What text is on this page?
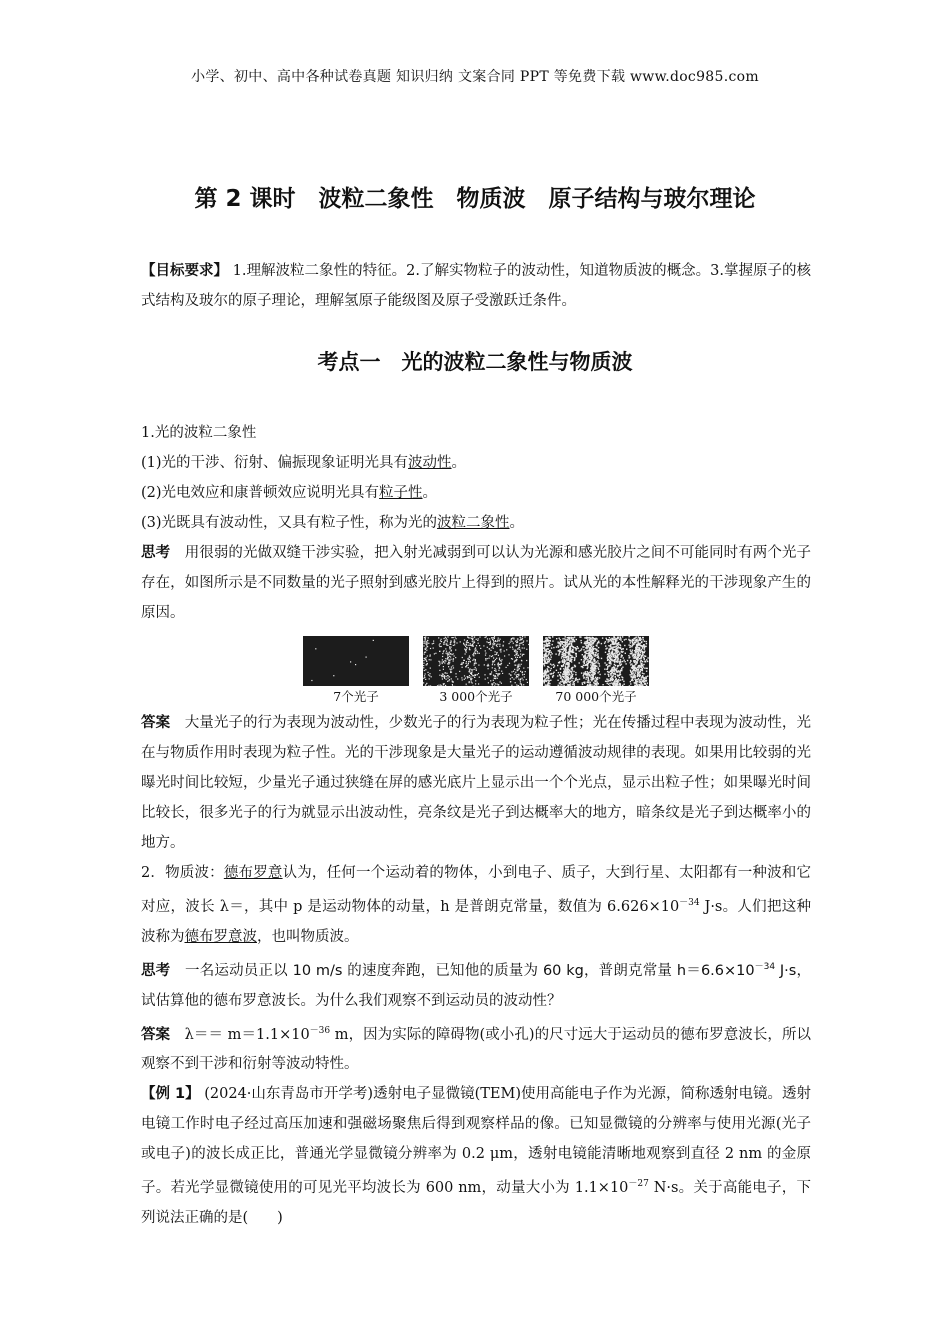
小学、初中、高中各种试卷真题 知识归纳 文案合同 PPT 等免费下载 www.doc985.com
第 2 课时　波粒二象性　物质波　原子结构与玻尔理论

【目标要求】 1.理解波粒二象性的特征。2.了解实物粒子的波动性，知道物质波的概念。3.掌握原子的核式结构及玻尔的原子理论，理解氢原子能级图及原子受激跃迁条件。

考点一　光的波粒二象性与物质波

1.光的波粒二象性

(1)光的干涉、衍射、偏振现象证明光具有波动性。

(2)光电效应和康普顿效应说明光具有粒子性。

(3)光既具有波动性，又具有粒子性，称为光的波粒二象性。

思考　用很弱的光做双缝干涉实验，把入射光减弱到可以认为光源和感光胶片之间不可能同时有两个光子存在，如图所示是不同数量的光子照射到感光胶片上得到的照片。试从光的本性解释光的干涉现象产生的原因。

7个光子	3 000个光子	70 000个光子

答案　大量光子的行为表现为波动性，少数光子的行为表现为粒子性；光在传播过程中表现为波动性，光在与物质作用时表现为粒子性。光的干涉现象是大量光子的运动遵循波动规律的表现。如果用比较弱的光曝光时间比较短，少量光子通过狭缝在屏的感光底片上显示出一个个光点，显示出粒子性；如果曝光时间比较长，很多光子的行为就显示出波动性，亮条纹是光子到达概率大的地方，暗条纹是光子到达概率小的地方。

2．物质波：德布罗意认为，任何一个运动着的物体，小到电子、质子，大到行星、太阳都有一种波和它对应，波长 λ＝，其中 p 是运动物体的动量，h 是普朗克常量，数值为 $6.626\times 10^{-34}$ J·s。人们把这种波称为德布罗意波，也叫物质波。

思考　一名运动员正以 10 m/s 的速度奔跑，已知他的质量为 60 kg，普朗克常量 $h=6.6\times 10^{-34}$ J·s，试估算他的德布罗意波长。为什么我们观察不到运动员的波动性？

答案　$\lambda== m=1.1\times 10^{-36}$ m，因为实际的障碍物(或小孔)的尺寸远大于运动员的德布罗意波长，所以观察不到干涉和衍射等波动特性。

【例 1】 (2024·山东青岛市开学考)透射电子显微镜(TEM)使用高能电子作为光源，简称透射电镜。透射电镜工作时电子经过高压加速和强磁场聚焦后得到观察样品的像。已知显微镜的分辨率与使用光源(光子或电子)的波长成正比，普通光学显微镜分辨率为 0.2 μm，透射电镜能清晰地观察到直径 2 nm 的金原子。若光学显微镜使用的可见光平均波长为 600 nm，动量大小为 $1.1\times 10^{-27}$ N·s。关于高能电子，下列说法正确的是(　　)
